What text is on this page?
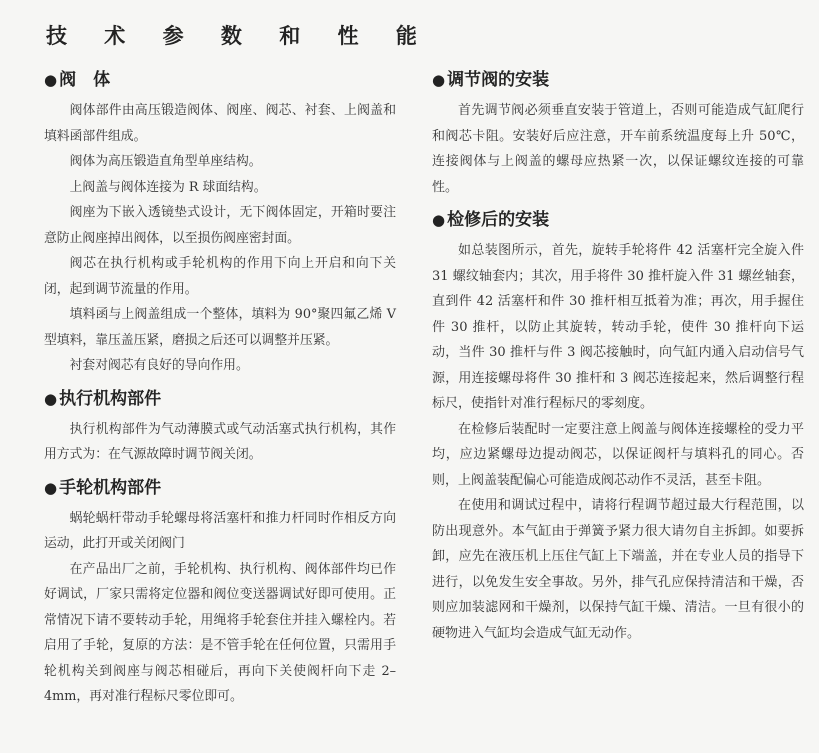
技 术 参 数 和 性 能
● 阀　体

阀体部件由高压锻造阀体、阀座、阀芯、衬套、上阀盖和填料函部件组成。

阀体为高压锻造直角型单座结构。

上阀盖与阀体连接为 R 球面结构。

阀座为下嵌入透镜垫式设计，无下阀体固定，开箱时要注意防止阀座掉出阀体，以至损伤阀座密封面。

阀芯在执行机构或手轮机构的作用下向上开启和向下关闭，起到调节流量的作用。

填料函与上阀盖组成一个整体，填料为 90°聚四氟乙烯 V 型填料，靠压盖压紧，磨损之后还可以调整并压紧。

衬套对阀芯有良好的导向作用。

● 执行机构部件

执行机构部件为气动薄膜式或气动活塞式执行机构，其作用方式为：在气源故障时调节阀关闭。

● 手轮机构部件

蜗轮蜗杆带动手轮螺母将活塞杆和推力杆同时作相反方向运动，此打开或关闭阀门

在产品出厂之前，手轮机构、执行机构、阀体部件均已作好调试，厂家只需将定位器和阀位变送器调试好即可使用。正常情况下请不要转动手轮，用绳将手轮套住并挂入螺栓内。若启用了手轮，复原的方法：是不管手轮在任何位置，只需用手轮机构关到阀座与阀芯相碰后，再向下关使阀杆向下走 2–4mm，再对准行程标尺零位即可。

● 调节阀的安装

首先调节阀必须垂直安装于管道上，否则可能造成气缸爬行和阀芯卡阻。安装好后应注意，开车前系统温度每上升 50℃，连接阀体与上阀盖的螺母应热紧一次，以保证螺纹连接的可靠性。

● 检修后的安装

如总装图所示，首先，旋转手轮将件 42 活塞杆完全旋入件 31 螺纹轴套内；其次，用手将件 30 推杆旋入件 31 螺丝轴套，直到件 42 活塞杆和件 30 推杆相互抵着为准；再次，用手握住件 30 推杆，以防止其旋转，转动手轮，使件 30 推杆向下运动，当件 30 推杆与件 3 阀芯接触时，向气缸内通入启动信号气源，用连接螺母将件 30 推杆和 3 阀芯连接起来，然后调整行程标尺，使指针对准行程标尺的零刻度。

在检修后装配时一定要注意上阀盖与阀体连接螺栓的受力平均，应边紧螺母边提动阀芯，以保证阀杆与填料孔的同心。否则，上阀盖装配偏心可能造成阀芯动作不灵活，甚至卡阻。

在使用和调试过程中，请将行程调节超过最大行程范围，以防出现意外。本气缸由于弹簧予紧力很大请勿自主拆卸。如要拆卸，应先在液压机上压住气缸上下端盖，并在专业人员的指导下进行，以免发生安全事故。另外，排气孔应保持清洁和干燥，否则应加装滤网和干燥剂，以保持气缸干燥、清洁。一旦有很小的硬物进入气缸均会造成气缸无动作。
